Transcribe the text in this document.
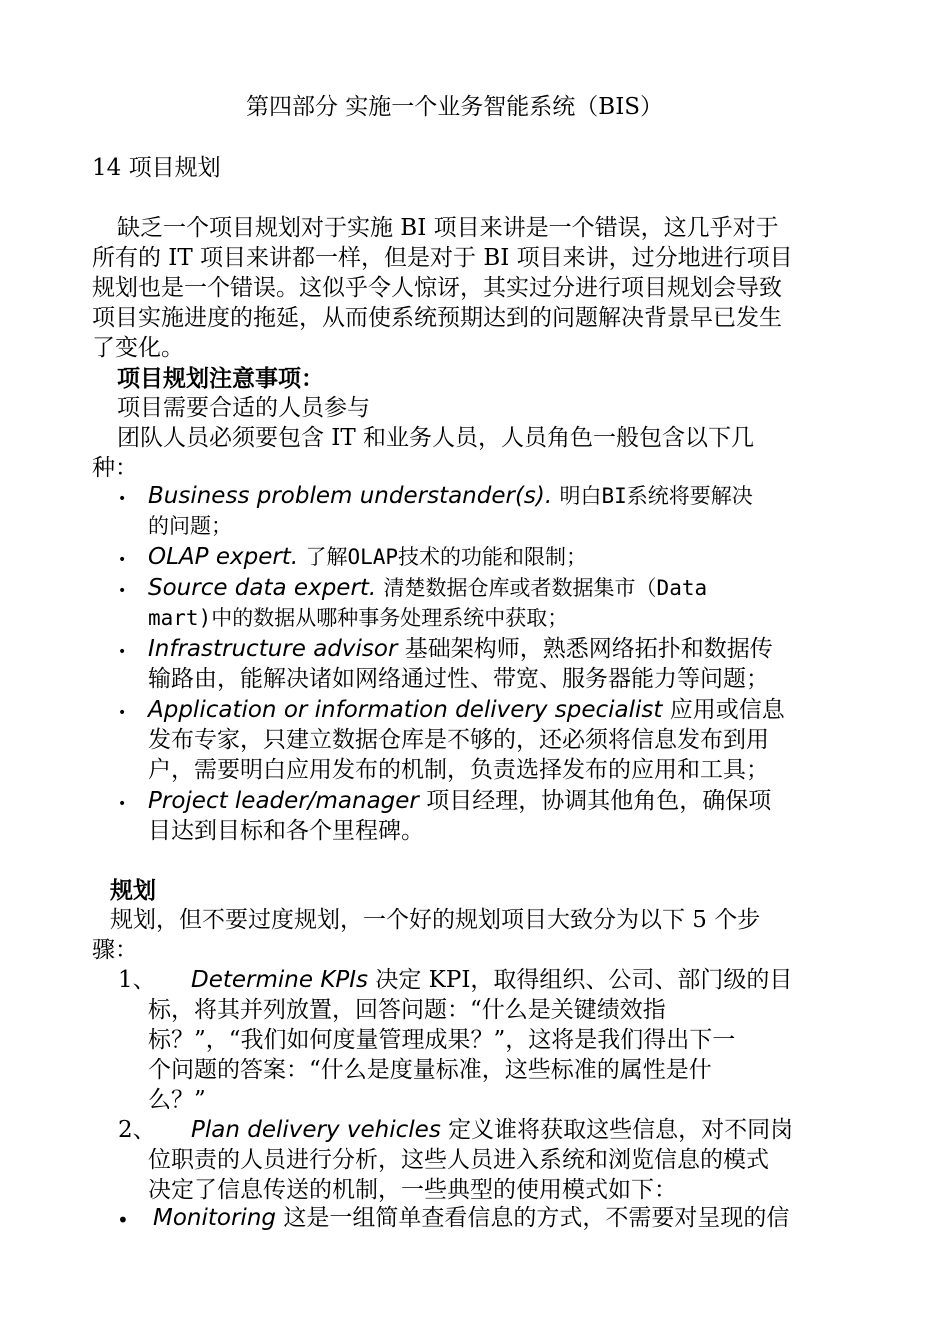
第四部分 实施一个业务智能系统（BIS）
14 项目规划
缺乏一个项目规划对于实施 BI 项目来讲是一个错误，这几乎对于
所有的 IT 项目来讲都一样，但是对于 BI 项目来讲，过分地进行项目
规划也是一个错误。这似乎令人惊讶，其实过分进行项目规划会导致
项目实施进度的拖延，从而使系统预期达到的问题解决背景早已发生
了变化。
项目规划注意事项：
项目需要合适的人员参与
团队人员必须要包含 IT 和业务人员，人员角色一般包含以下几
种：
• Business problem understander(s). 明白BI系统将要解决
的问题；
• OLAP expert. 了解OLAP技术的功能和限制；
• Source data expert. 清楚数据仓库或者数据集市（Data
mart)中的数据从哪种事务处理系统中获取；
• Infrastructure advisor 基础架构师，熟悉网络拓扑和数据传
输路由，能解决诸如网络通过性、带宽、服务器能力等问题；
• Application or information delivery specialist 应用或信息
发布专家，只建立数据仓库是不够的，还必须将信息发布到用
户，需要明白应用发布的机制，负责选择发布的应用和工具；
• Project leader/manager 项目经理，协调其他角色，确保项
目达到目标和各个里程碑。
规划
规划，但不要过度规划，一个好的规划项目大致分为以下 5 个步
骤：
1、 Determine KPIs 决定 KPI，取得组织、公司、部门级的目
标，将其并列放置，回答问题：“什么是关键绩效指
标？”，“我们如何度量管理成果？”，这将是我们得出下一
个问题的答案：“什么是度量标准，这些标准的属性是什
么？”
2、 Plan delivery vehicles 定义谁将获取这些信息，对不同岗
位职责的人员进行分析，这些人员进入系统和浏览信息的模式
决定了信息传送的机制，一些典型的使用模式如下：
• Monitoring 这是一组简单查看信息的方式，不需要对呈现的信
